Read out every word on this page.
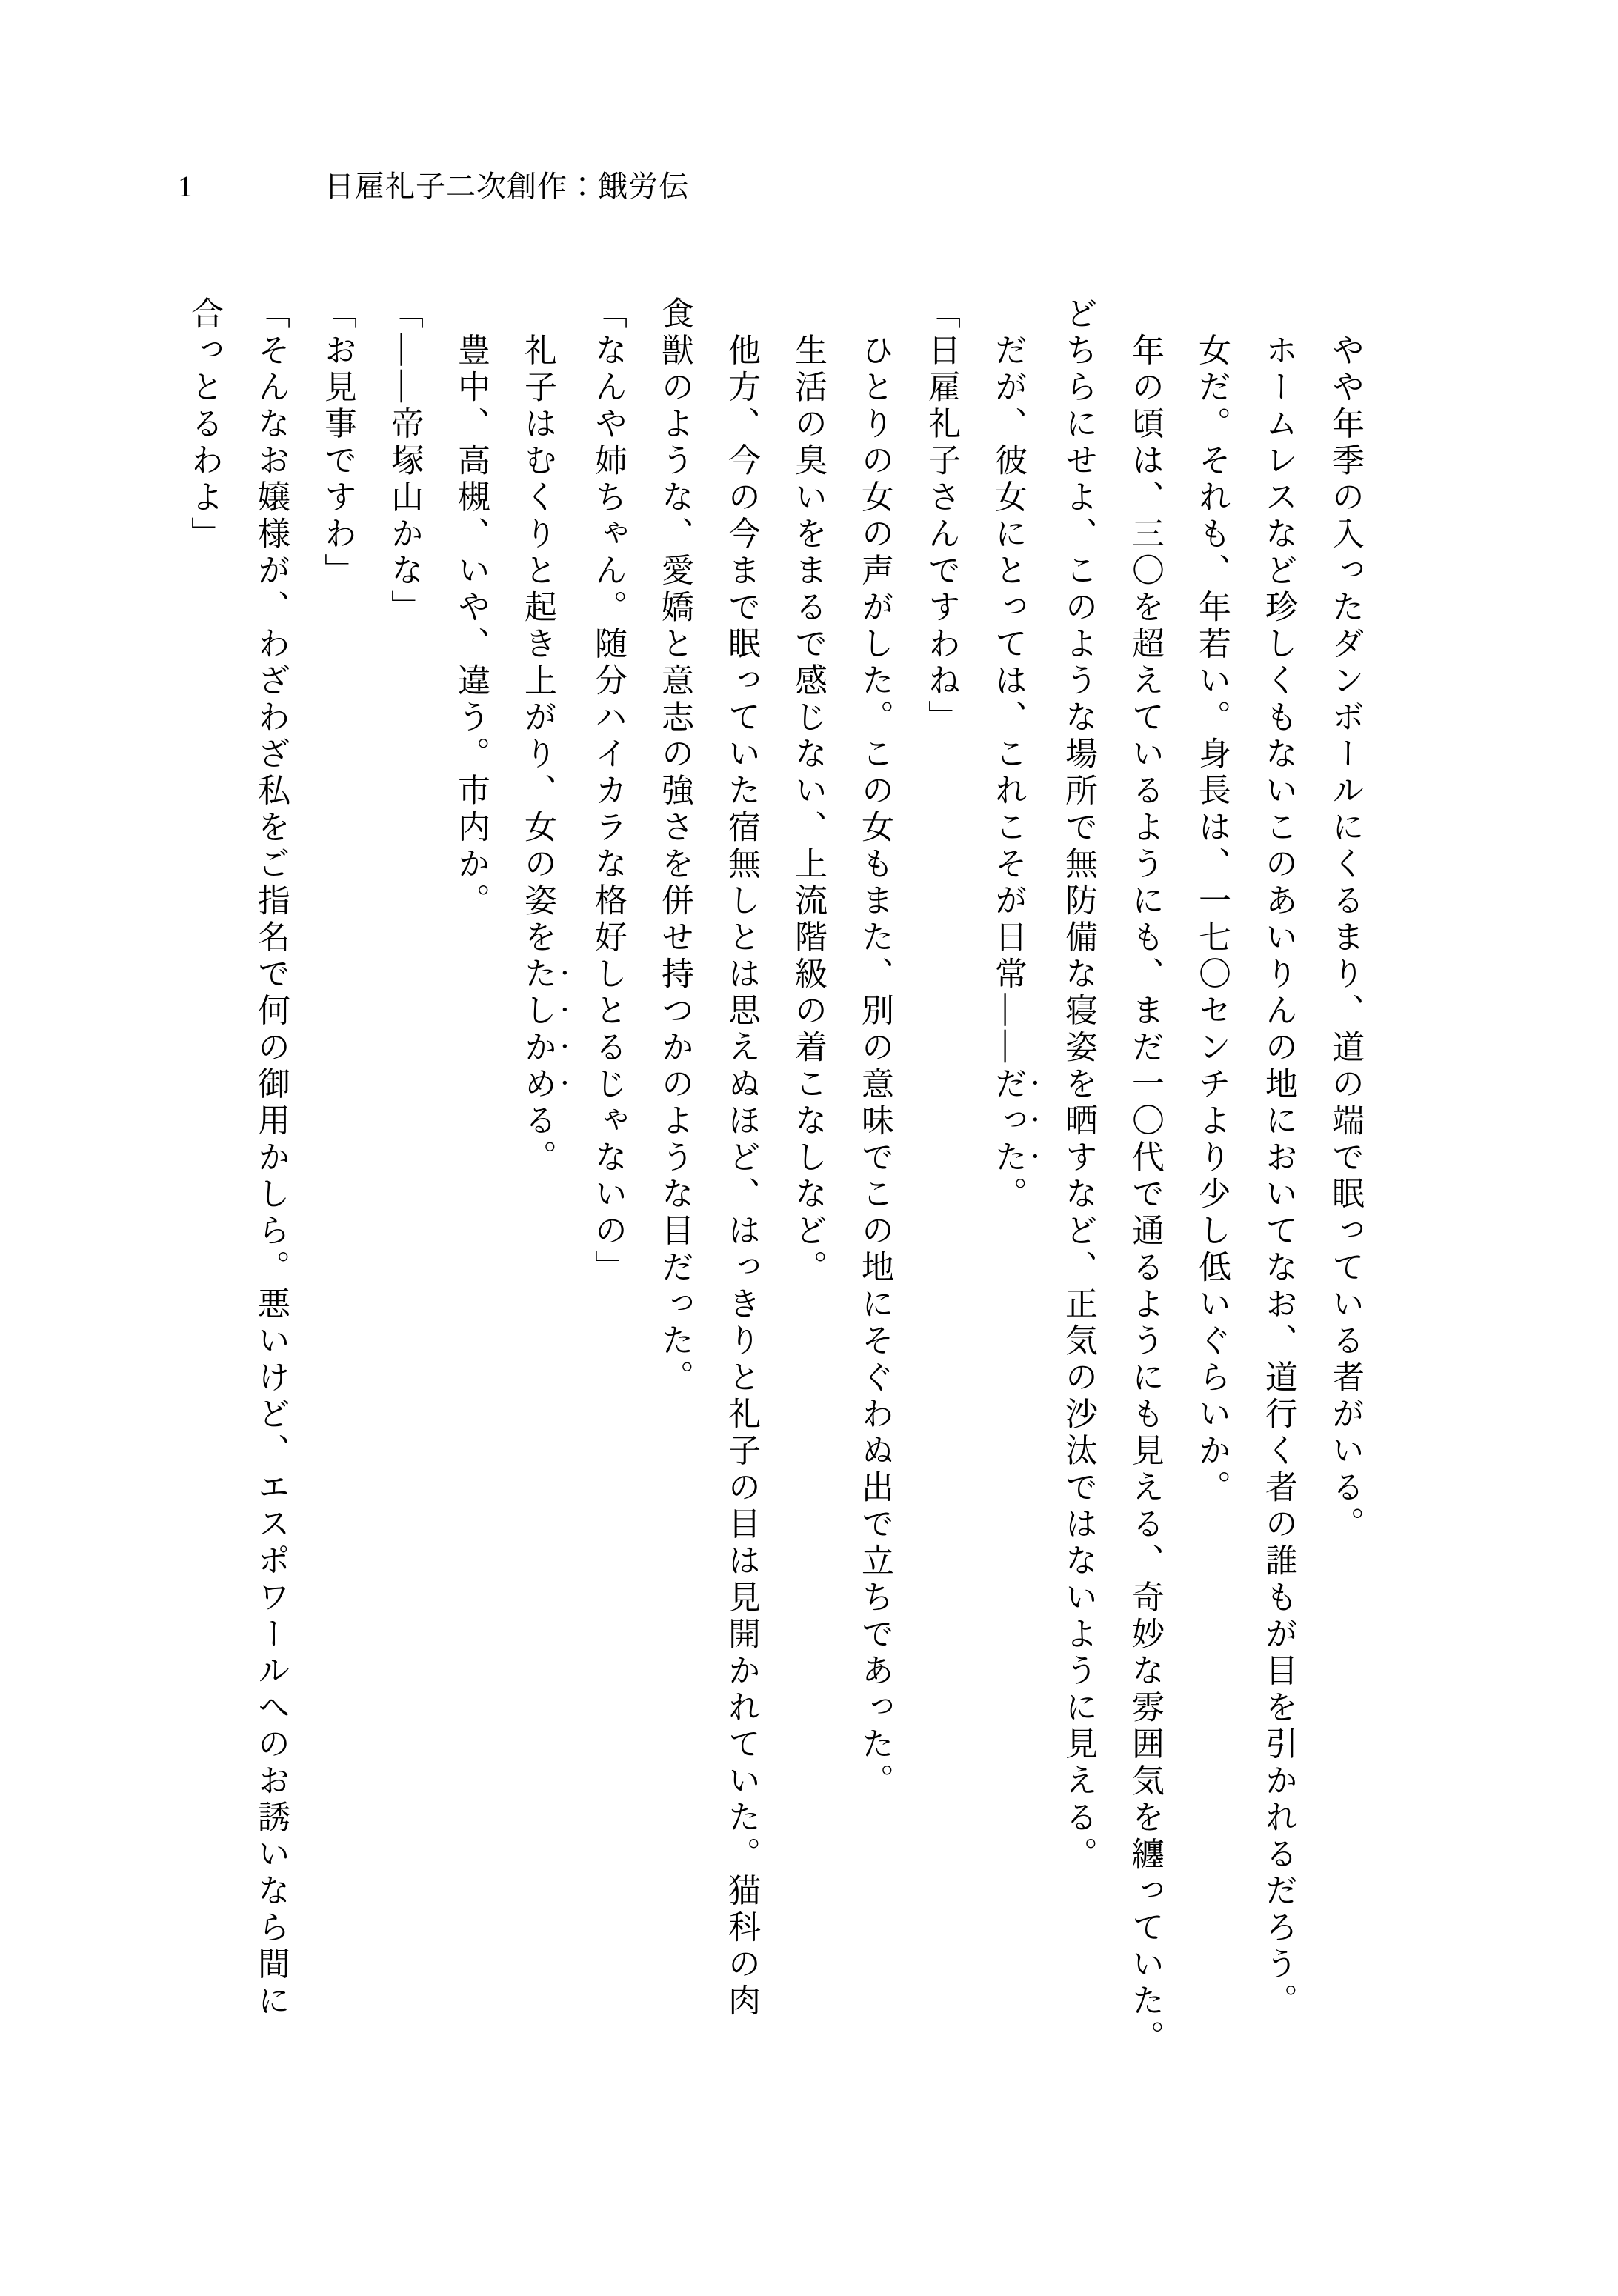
1	日雇礼子二次創作：餓労伝
　やや年季の入ったダンボールにくるまり、道の端で眠っている者がいる。
　ホームレスなど珍しくもないこのあいりんの地においてなお、道行く者の誰もが目を引かれるだろう。
　女だ。それも、年若い。身長は、一七〇センチより少し低いぐらいか。
　年の頃は、三〇を超えているようにも、まだ一〇代で通るようにも見える、奇妙な雰囲気を纏っていた。
どちらにせよ、このような場所で無防備な寝姿を晒すなど、正気の沙汰ではないように見える。
　だが、彼女にとっては、これこそが日常――だった。
「日雇礼子さんですわね」
　ひとりの女の声がした。この女もまた、別の意味でこの地にそぐわぬ出で立ちであった。
　生活の臭いをまるで感じない、上流階級の着こなしなど。
　他方、今の今まで眠っていた宿無しとは思えぬほど、はっきりと礼子の目は見開かれていた。猫科の肉
食獣のような、愛嬌と意志の強さを併せ持つかのような目だった。
「なんや姉ちゃん。随分ハイカラな格好しとるじゃないの」
　礼子はむくりと起き上がり、女の姿をたしかめる。
　豊中、高槻、いや、違う。市内か。
「――帝塚山かな」
「お見事ですわ」
「そんなお嬢様が、わざわざ私をご指名で何の御用かしら。悪いけど、エスポワールへのお誘いなら間に
合っとるわよ」
